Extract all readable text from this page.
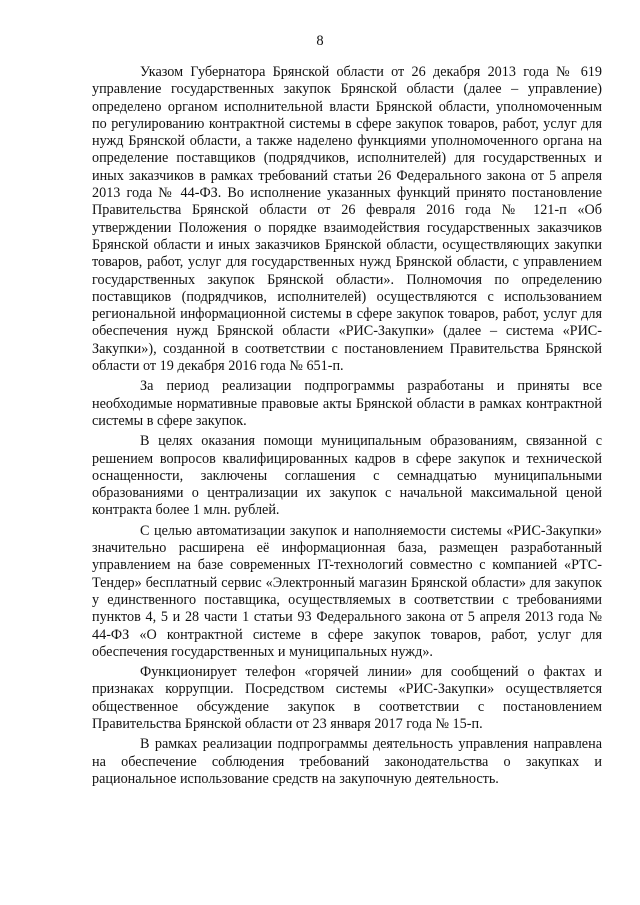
8

Указом Губернатора Брянской области от 26 декабря 2013 года № 619 управление государственных закупок Брянской области (далее – управление) определено органом исполнительной власти Брянской области, уполномоченным по регулированию контрактной системы в сфере закупок товаров, работ, услуг для нужд Брянской области, а также наделено функциями уполномоченного органа на определение поставщиков (подрядчиков, исполнителей) для государственных и иных заказчиков в рамках требований статьи 26 Федерального закона от 5 апреля 2013 года № 44-ФЗ. Во исполнение указанных функций принято постановление Правительства Брянской области от 26 февраля 2016 года № 121-п «Об утверждении Положения о порядке взаимодействия государственных заказчиков Брянской области и иных заказчиков Брянской области, осуществляющих закупки товаров, работ, услуг для государственных нужд Брянской области, с управлением государственных закупок Брянской области». Полномочия по определению поставщиков (подрядчиков, исполнителей) осуществляются с использованием региональной информационной системы в сфере закупок товаров, работ, услуг для обеспечения нужд Брянской области «РИС-Закупки» (далее – система «РИС-Закупки»), созданной в соответствии с постановлением Правительства Брянской области от 19 декабря 2016 года № 651-п.

За период реализации подпрограммы разработаны и приняты все необходимые нормативные правовые акты Брянской области в рамках контрактной системы в сфере закупок.

В целях оказания помощи муниципальным образованиям, связанной с решением вопросов квалифицированных кадров в сфере закупок и технической оснащенности, заключены соглашения с семнадцатью муниципальными образованиями о централизации их закупок с начальной максимальной ценой контракта более 1 млн. рублей.

С целью автоматизации закупок и наполняемости системы «РИС-Закупки» значительно расширена её информационная база, размещен разработанный управлением на базе современных IT-технологий совместно с компанией «РТС-Тендер» бесплатный сервис «Электронный магазин Брянской области» для закупок у единственного поставщика, осуществляемых в соответствии с требованиями пунктов 4, 5 и 28 части 1 статьи 93 Федерального закона от 5 апреля 2013 года № 44-ФЗ «О контрактной системе в сфере закупок товаров, работ, услуг для обеспечения государственных и муниципальных нужд».

Функционирует телефон «горячей линии» для сообщений о фактах и признаках коррупции. Посредством системы «РИС-Закупки» осуществляется общественное обсуждение закупок в соответствии с постановлением Правительства Брянской области от 23 января 2017 года № 15-п.

В рамках реализации подпрограммы деятельность управления направлена на обеспечение соблюдения требований законодательства о закупках и рациональное использование средств на закупочную деятельность.
